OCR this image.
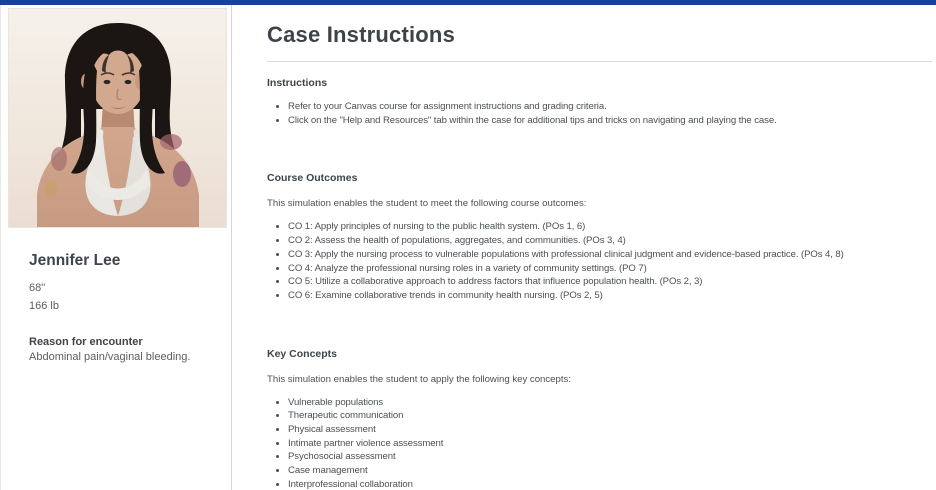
Jennifer Lee
68"
166 lb
Reason for encounter
Abdominal pain/vaginal bleeding.
Case Instructions
Instructions
• Refer to your Canvas course for assignment instructions and grading criteria.
• Click on the "Help and Resources" tab within the case for additional tips and tricks on navigating and playing the case.
Course Outcomes

This simulation enables the student to meet the following course outcomes:

• CO 1: Apply principles of nursing to the public health system. (POs 1, 6)
• CO 2: Assess the health of populations, aggregates, and communities. (POs 3, 4)
• CO 3: Apply the nursing process to vulnerable populations with professional clinical judgment and evidence-based practice. (POs 4, 8)
• CO 4: Analyze the professional nursing roles in a variety of community settings. (PO 7)
• CO 5: Utilize a collaborative approach to address factors that influence population health. (POs 2, 3)
• CO 6: Examine collaborative trends in community health nursing. (POs 2, 5)
Key Concepts

This simulation enables the student to apply the following key concepts:

• Vulnerable populations
• Therapeutic communication
• Physical assessment
• Intimate partner violence assessment
• Psychosocial assessment
• Case management
• Interprofessional collaboration
